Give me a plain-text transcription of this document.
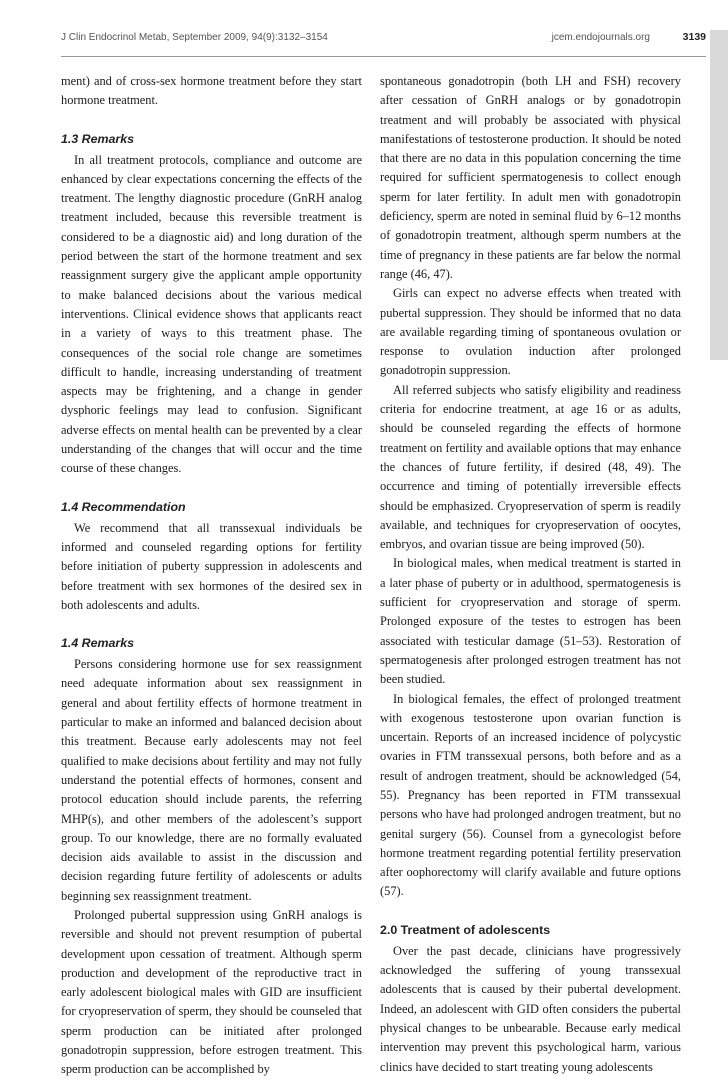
J Clin Endocrinol Metab, September 2009, 94(9):3132–3154	jcem.endojournals.org	3139

ment) and of cross-sex hormone treatment before they start hormone treatment.

1.3 Remarks

In all treatment protocols, compliance and outcome are enhanced by clear expectations concerning the effects of the treatment. The lengthy diagnostic procedure (GnRH analog treatment included, because this reversible treatment is considered to be a diagnostic aid) and long duration of the period between the start of the hormone treatment and sex reassignment surgery give the applicant ample opportunity to make balanced decisions about the various medical interventions. Clinical evidence shows that applicants react in a variety of ways to this treatment phase. The consequences of the social role change are sometimes difficult to handle, increasing understanding of treatment aspects may be frightening, and a change in gender dysphoric feelings may lead to confusion. Significant adverse effects on mental health can be prevented by a clear understanding of the changes that will occur and the time course of these changes.

1.4 Recommendation

We recommend that all transsexual individuals be informed and counseled regarding options for fertility before initiation of puberty suppression in adolescents and before treatment with sex hormones of the desired sex in both adolescents and adults.

1.4 Remarks

Persons considering hormone use for sex reassignment need adequate information about sex reassignment in general and about fertility effects of hormone treatment in particular to make an informed and balanced decision about this treatment. Because early adolescents may not feel qualified to make decisions about fertility and may not fully understand the potential effects of hormones, consent and protocol education should include parents, the referring MHP(s), and other members of the adolescent’s support group. To our knowledge, there are no formally evaluated decision aids available to assist in the discussion and decision regarding future fertility of adolescents or adults beginning sex reassignment treatment.

Prolonged pubertal suppression using GnRH analogs is reversible and should not prevent resumption of pubertal development upon cessation of treatment. Although sperm production and development of the reproductive tract in early adolescent biological males with GID are insufficient for cryopreservation of sperm, they should be counseled that sperm production can be initiated after prolonged gonadotropin suppression, before estrogen treatment. This sperm production can be accomplished by

spontaneous gonadotropin (both LH and FSH) recovery after cessation of GnRH analogs or by gonadotropin treatment and will probably be associated with physical manifestations of testosterone production. It should be noted that there are no data in this population concerning the time required for sufficient spermatogenesis to collect enough sperm for later fertility. In adult men with gonadotropin deficiency, sperm are noted in seminal fluid by 6–12 months of gonadotropin treatment, although sperm numbers at the time of pregnancy in these patients are far below the normal range (46, 47).

Girls can expect no adverse effects when treated with pubertal suppression. They should be informed that no data are available regarding timing of spontaneous ovulation or response to ovulation induction after prolonged gonadotropin suppression.

All referred subjects who satisfy eligibility and readiness criteria for endocrine treatment, at age 16 or as adults, should be counseled regarding the effects of hormone treatment on fertility and available options that may enhance the chances of future fertility, if desired (48, 49). The occurrence and timing of potentially irreversible effects should be emphasized. Cryopreservation of sperm is readily available, and techniques for cryopreservation of oocytes, embryos, and ovarian tissue are being improved (50).

In biological males, when medical treatment is started in a later phase of puberty or in adulthood, spermatogenesis is sufficient for cryopreservation and storage of sperm. Prolonged exposure of the testes to estrogen has been associated with testicular damage (51–53). Restoration of spermatogenesis after prolonged estrogen treatment has not been studied.

In biological females, the effect of prolonged treatment with exogenous testosterone upon ovarian function is uncertain. Reports of an increased incidence of polycystic ovaries in FTM transsexual persons, both before and as a result of androgen treatment, should be acknowledged (54, 55). Pregnancy has been reported in FTM transsexual persons who have had prolonged androgen treatment, but no genital surgery (56). Counsel from a gynecologist before hormone treatment regarding potential fertility preservation after oophorectomy will clarify available and future options (57).

2.0 Treatment of adolescents

Over the past decade, clinicians have progressively acknowledged the suffering of young transsexual adolescents that is caused by their pubertal development. Indeed, an adolescent with GID often considers the pubertal physical changes to be unbearable. Because early medical intervention may prevent this psychological harm, various clinics have decided to start treating young adolescents
